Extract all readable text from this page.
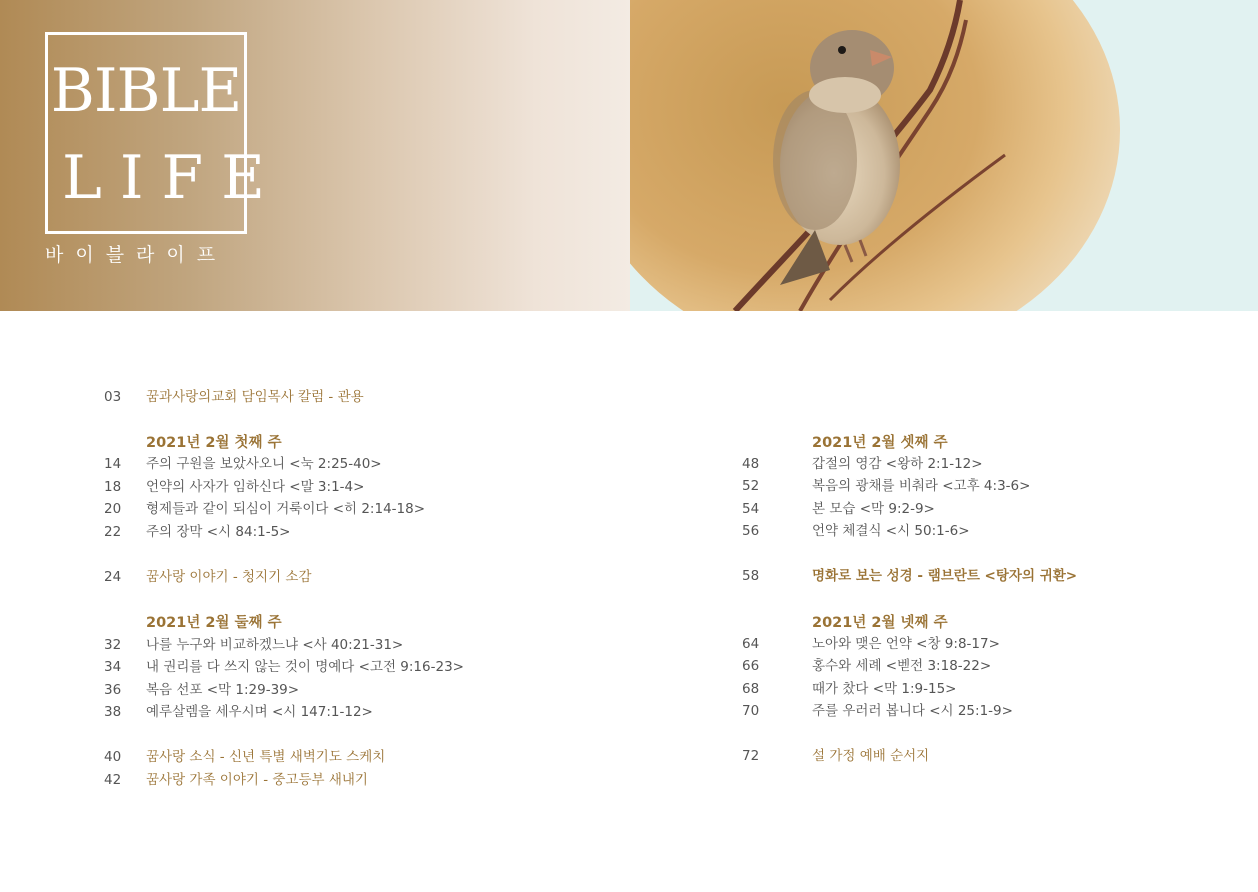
BIBLE
LIFE
바이블라이프
03	꿈과사랑의교회 담임목사 칼럼 - 관용
2021년 2월 첫째 주
14	주의 구원을 보았사오니 <눅 2:25-40>
18	언약의 사자가 임하신다 <말 3:1-4>
20	형제들과 같이 되심이 거룩이다 <히 2:14-18>
22	주의 장막 <시 84:1-5>
24	꿈사랑 이야기 - 청지기 소감
2021년 2월 둘째 주
32	나를 누구와 비교하겠느냐 <사 40:21-31>
34	내 권리를 다 쓰지 않는 것이 명예다 <고전 9:16-23>
36	복음 선포 <막 1:29-39>
38	예루살렘을 세우시며 <시 147:1-12>
40	꿈사랑 소식 - 신년 특별 새벽기도 스케치
42	꿈사랑 가족 이야기 - 중고등부 새내기
2021년 2월 셋째 주
48	갑절의 영감 <왕하 2:1-12>
52	복음의 광채를 비춰라 <고후 4:3-6>
54	본 모습 <막 9:2-9>
56	언약 체결식 <시 50:1-6>
58	명화로 보는 성경 - 램브란트 <탕자의 귀환>
2021년 2월 넷째 주
64	노아와 맺은 언약 <창 9:8-17>
66	홍수와 세례 <벧전 3:18-22>
68	때가 찼다 <막 1:9-15>
70	주를 우러러 봅니다 <시 25:1-9>
72	설 가정 예배 순서지
